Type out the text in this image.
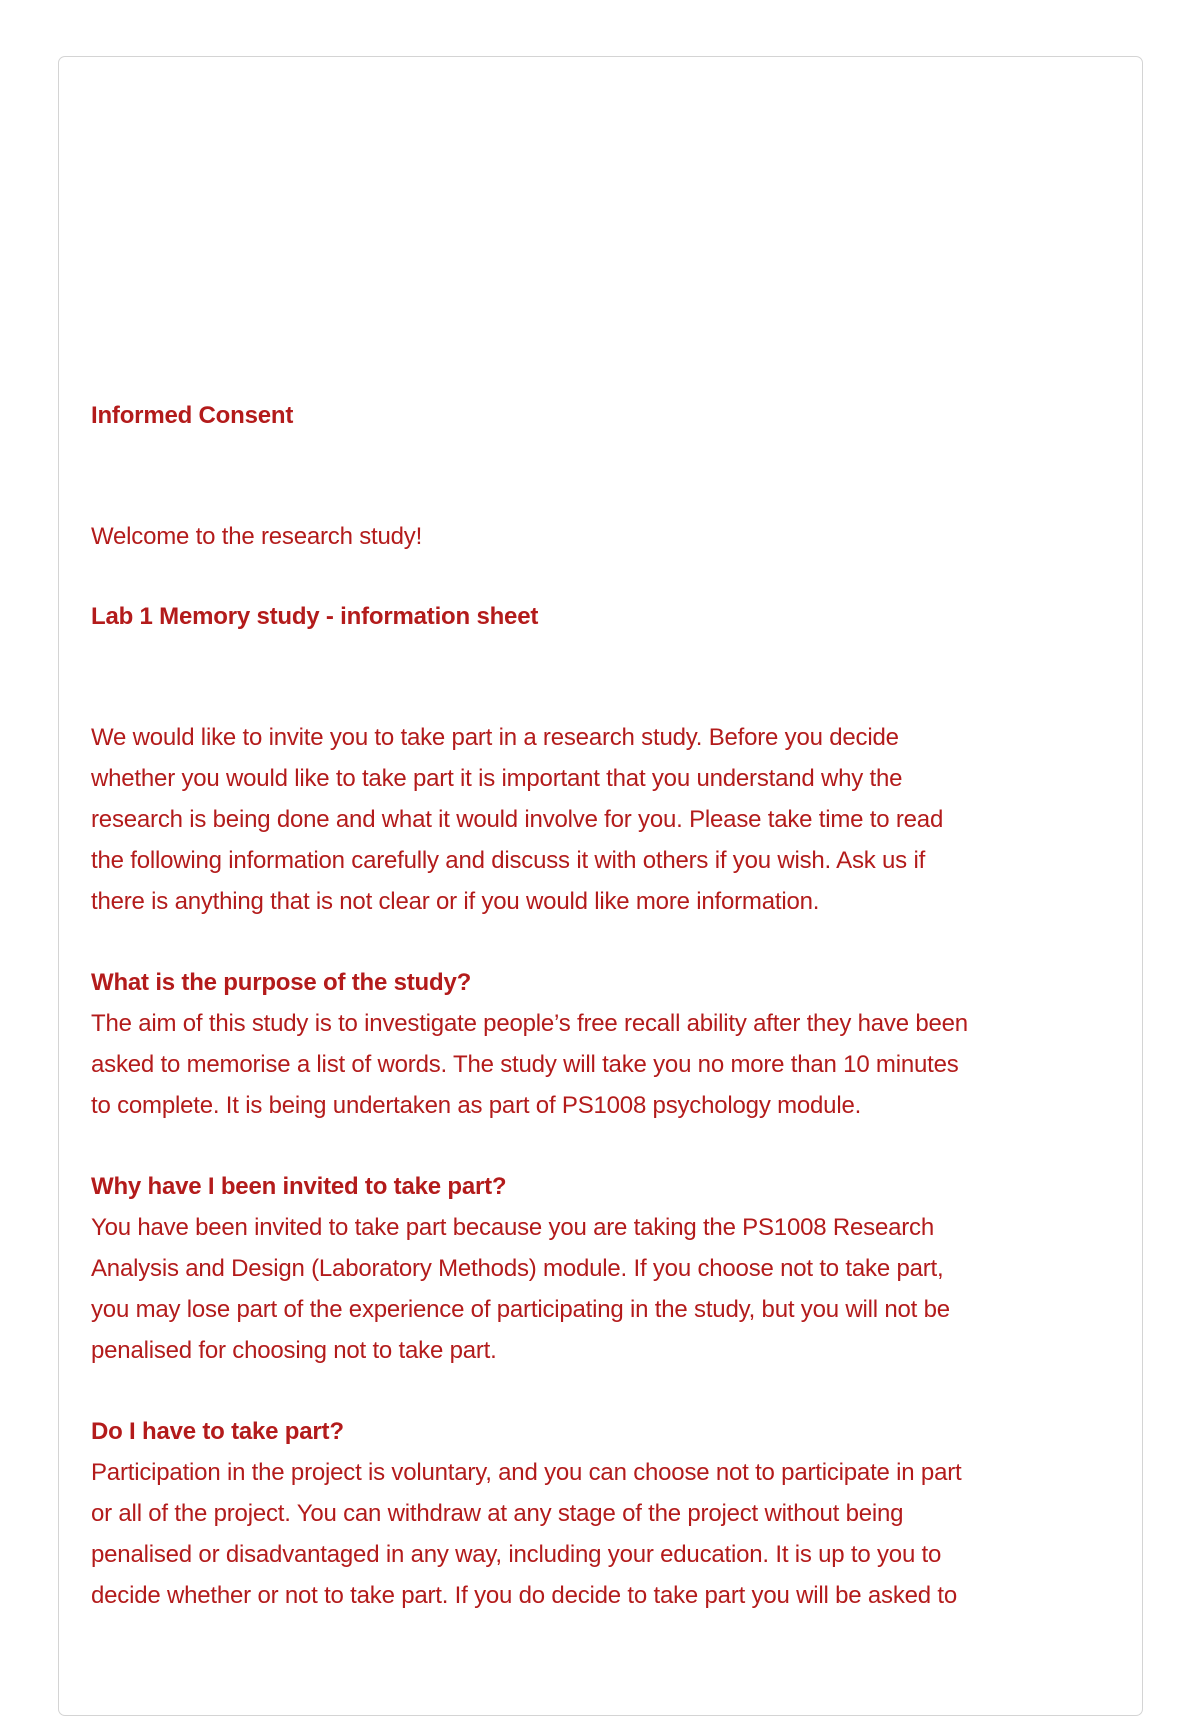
Informed Consent

Welcome to the research study!

Lab 1 Memory study - information sheet

We would like to invite you to take part in a research study. Before you decide
whether you would like to take part it is important that you understand why the
research is being done and what it would involve for you. Please take time to read
the following information carefully and discuss it with others if you wish. Ask us if
there is anything that is not clear or if you would like more information.
What is the purpose of the study?
The aim of this study is to investigate people’s free recall ability after they have been
asked to memorise a list of words. The study will take you no more than 10 minutes
to complete. It is being undertaken as part of PS1008 psychology module.
Why have I been invited to take part?
You have been invited to take part because you are taking the PS1008 Research
Analysis and Design (Laboratory Methods) module. If you choose not to take part,
you may lose part of the experience of participating in the study, but you will not be
penalised for choosing not to take part.
Do I have to take part?
Participation in the project is voluntary, and you can choose not to participate in part
or all of the project. You can withdraw at any stage of the project without being
penalised or disadvantaged in any way, including your education. It is up to you to
decide whether or not to take part. If you do decide to take part you will be asked to
